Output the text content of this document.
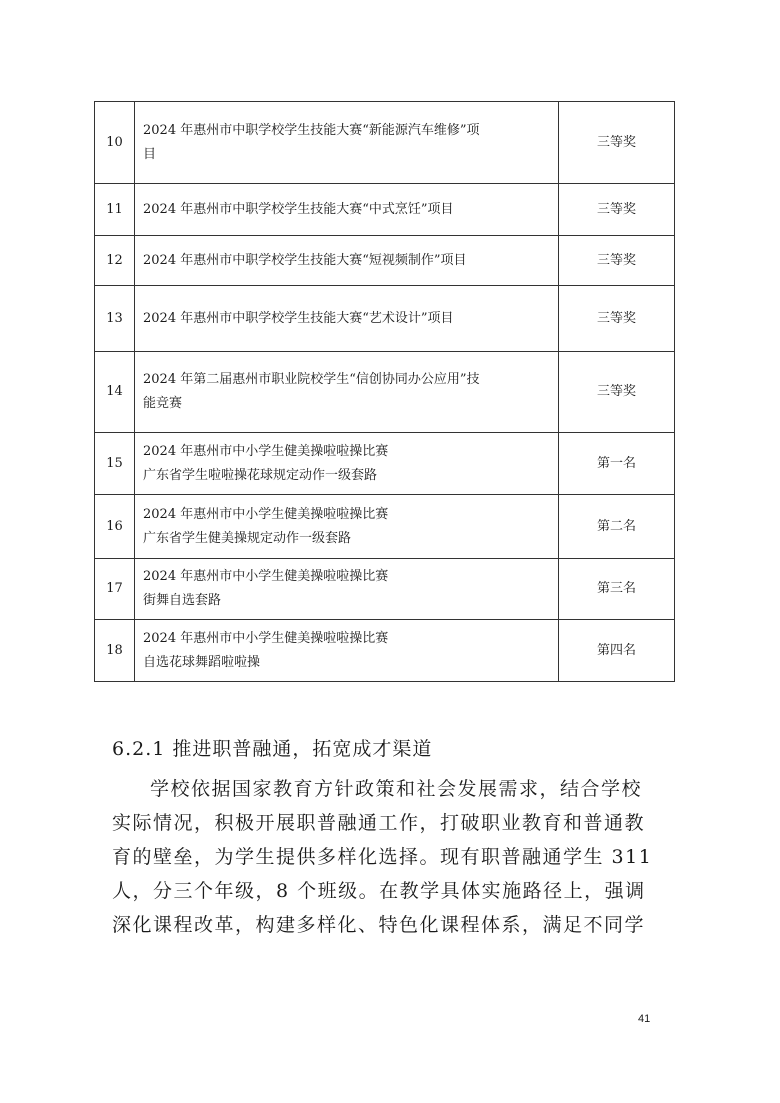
10	2024 年惠州市中职学校学生技能大赛“新能源汽车维修”项
目	三等奖
11	2024 年惠州市中职学校学生技能大赛“中式烹饪”项目	三等奖
12	2024 年惠州市中职学校学生技能大赛“短视频制作”项目	三等奖
13	2024 年惠州市中职学校学生技能大赛“艺术设计”项目	三等奖
14	2024 年第二届惠州市职业院校学生“信创协同办公应用”技
能竞赛	三等奖
15	2024 年惠州市中小学生健美操啦啦操比赛
广东省学生啦啦操花球规定动作一级套路	第一名
16	2024 年惠州市中小学生健美操啦啦操比赛
广东省学生健美操规定动作一级套路	第二名
17	2024 年惠州市中小学生健美操啦啦操比赛
街舞自选套路	第三名
18	2024 年惠州市中小学生健美操啦啦操比赛
自选花球舞蹈啦啦操	第四名
6.2.1 推进职普融通，拓宽成才渠道

学校依据国家教育方针政策和社会发展需求，结合学校
实际情况，积极开展职普融通工作，打破职业教育和普通教
育的壁垒，为学生提供多样化选择。现有职普融通学生 311
人，分三个年级，8 个班级。在教学具体实施路径上，强调
深化课程改革，构建多样化、特色化课程体系，满足不同学

41
